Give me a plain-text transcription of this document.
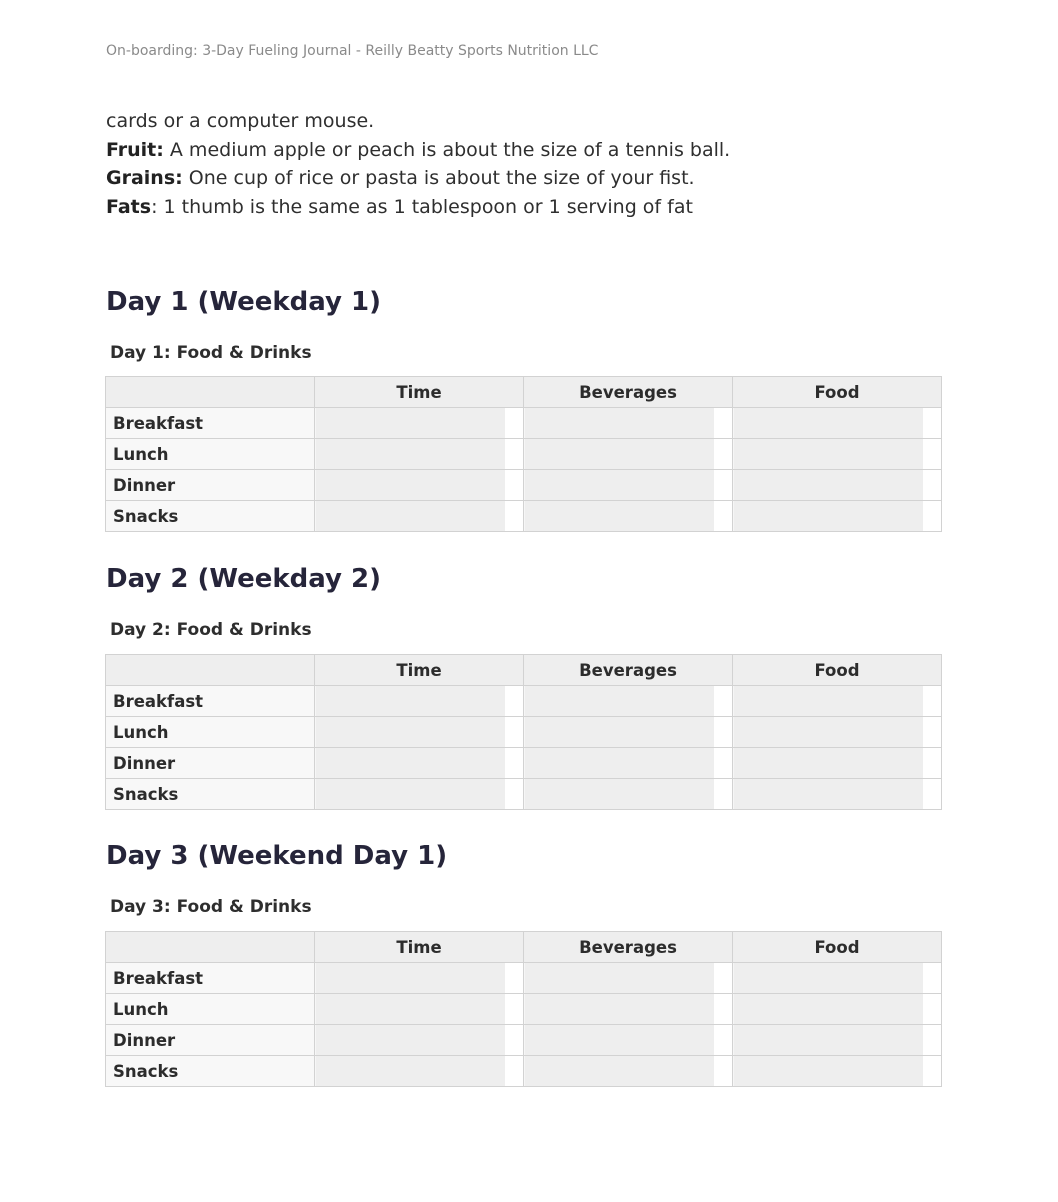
On-boarding: 3-Day Fueling Journal - Reilly Beatty Sports Nutrition LLC
cards or a computer mouse.
Fruit: A medium apple or peach is about the size of a tennis ball.
Grains: One cup of rice or pasta is about the size of your fist.
Fats: 1 thumb is the same as 1 tablespoon or 1 serving of fat
Day 1 (Weekday 1)
Day 1: Food & Drinks
	Time	Beverages	Food
Breakfast			
Lunch			
Dinner			
Snacks			
Day 2 (Weekday 2)
Day 2: Food & Drinks
	Time	Beverages	Food
Breakfast			
Lunch			
Dinner			
Snacks			
Day 3 (Weekend Day 1)
Day 3: Food & Drinks
	Time	Beverages	Food
Breakfast			
Lunch			
Dinner			
Snacks			
